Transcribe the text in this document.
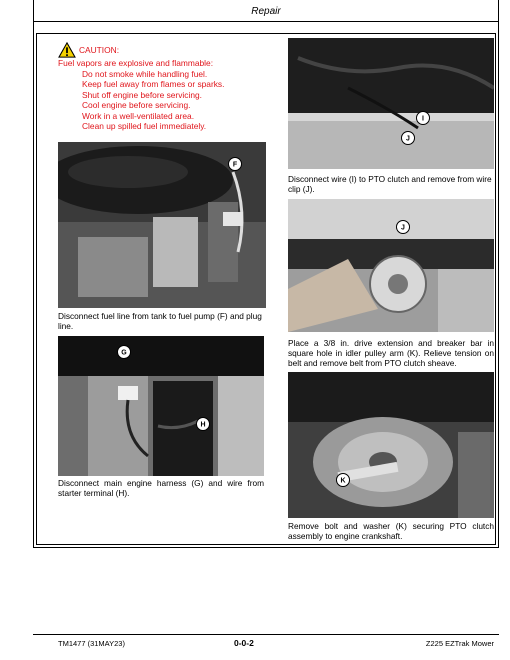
Repair
CAUTION:
Fuel vapors are explosive and flammable:
Do not smoke while handling fuel.
Keep fuel away from flames or sparks.
Shut off engine before servicing.
Cool engine before servicing.
Work in a well-ventilated area.
Clean up spilled fuel immediately.
F
Disconnect fuel line from tank to fuel pump (F) and plug line.
G
H
Disconnect main engine harness (G) and wire from starter terminal (H).
I
J
Disconnect wire (I) to PTO clutch and remove from wire clip (J).
J
Place a 3/8 in. drive extension and breaker bar in square hole in idler pulley arm (K). Relieve tension on belt and remove belt from PTO clutch sheave.
K
Remove bolt and washer (K) securing PTO clutch assembly to engine crankshaft.
TM1477 (31MAY23)	0-0-2	Z225 EZTrak Mower
